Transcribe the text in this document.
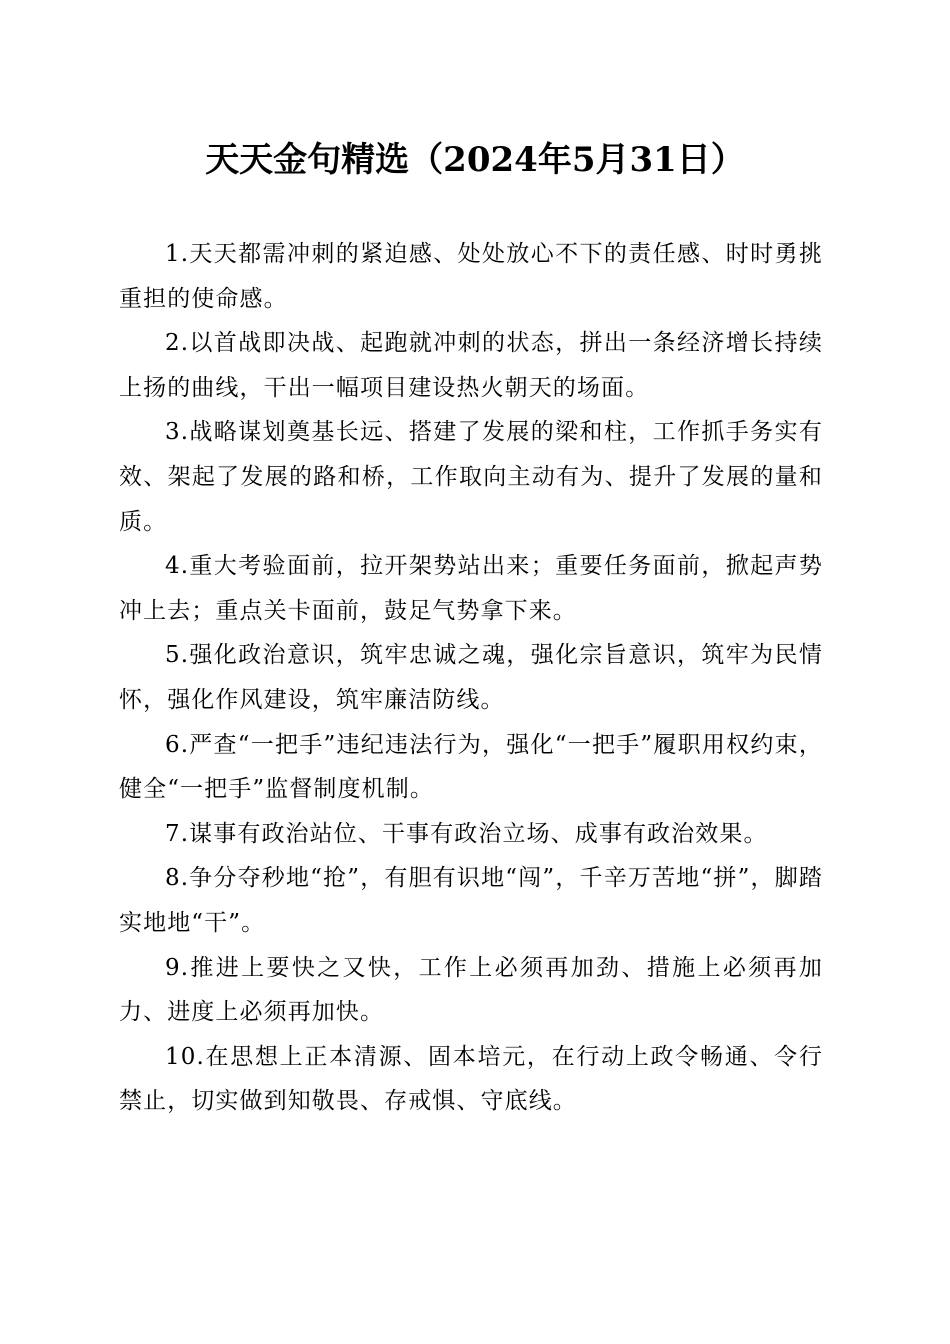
天天金句精选（2024年5月31日）

1.天天都需冲刺的紧迫感、处处放心不下的责任感、时时勇挑重担的使命感。

2.以首战即决战、起跑就冲刺的状态，拼出一条经济增长持续上扬的曲线，干出一幅项目建设热火朝天的场面。

3.战略谋划奠基长远、搭建了发展的梁和柱，工作抓手务实有效、架起了发展的路和桥，工作取向主动有为、提升了发展的量和质。

4.重大考验面前，拉开架势站出来；重要任务面前，掀起声势冲上去；重点关卡面前，鼓足气势拿下来。

5.强化政治意识，筑牢忠诚之魂，强化宗旨意识，筑牢为民情怀，强化作风建设，筑牢廉洁防线。

6.严查“一把手”违纪违法行为，强化“一把手”履职用权约束，健全“一把手”监督制度机制。

7.谋事有政治站位、干事有政治立场、成事有政治效果。

8.争分夺秒地“抢”，有胆有识地“闯”，千辛万苦地“拼”，脚踏实地地“干”。

9.推进上要快之又快，工作上必须再加劲、措施上必须再加力、进度上必须再加快。

10.在思想上正本清源、固本培元，在行动上政令畅通、令行禁止，切实做到知敬畏、存戒惧、守底线。
